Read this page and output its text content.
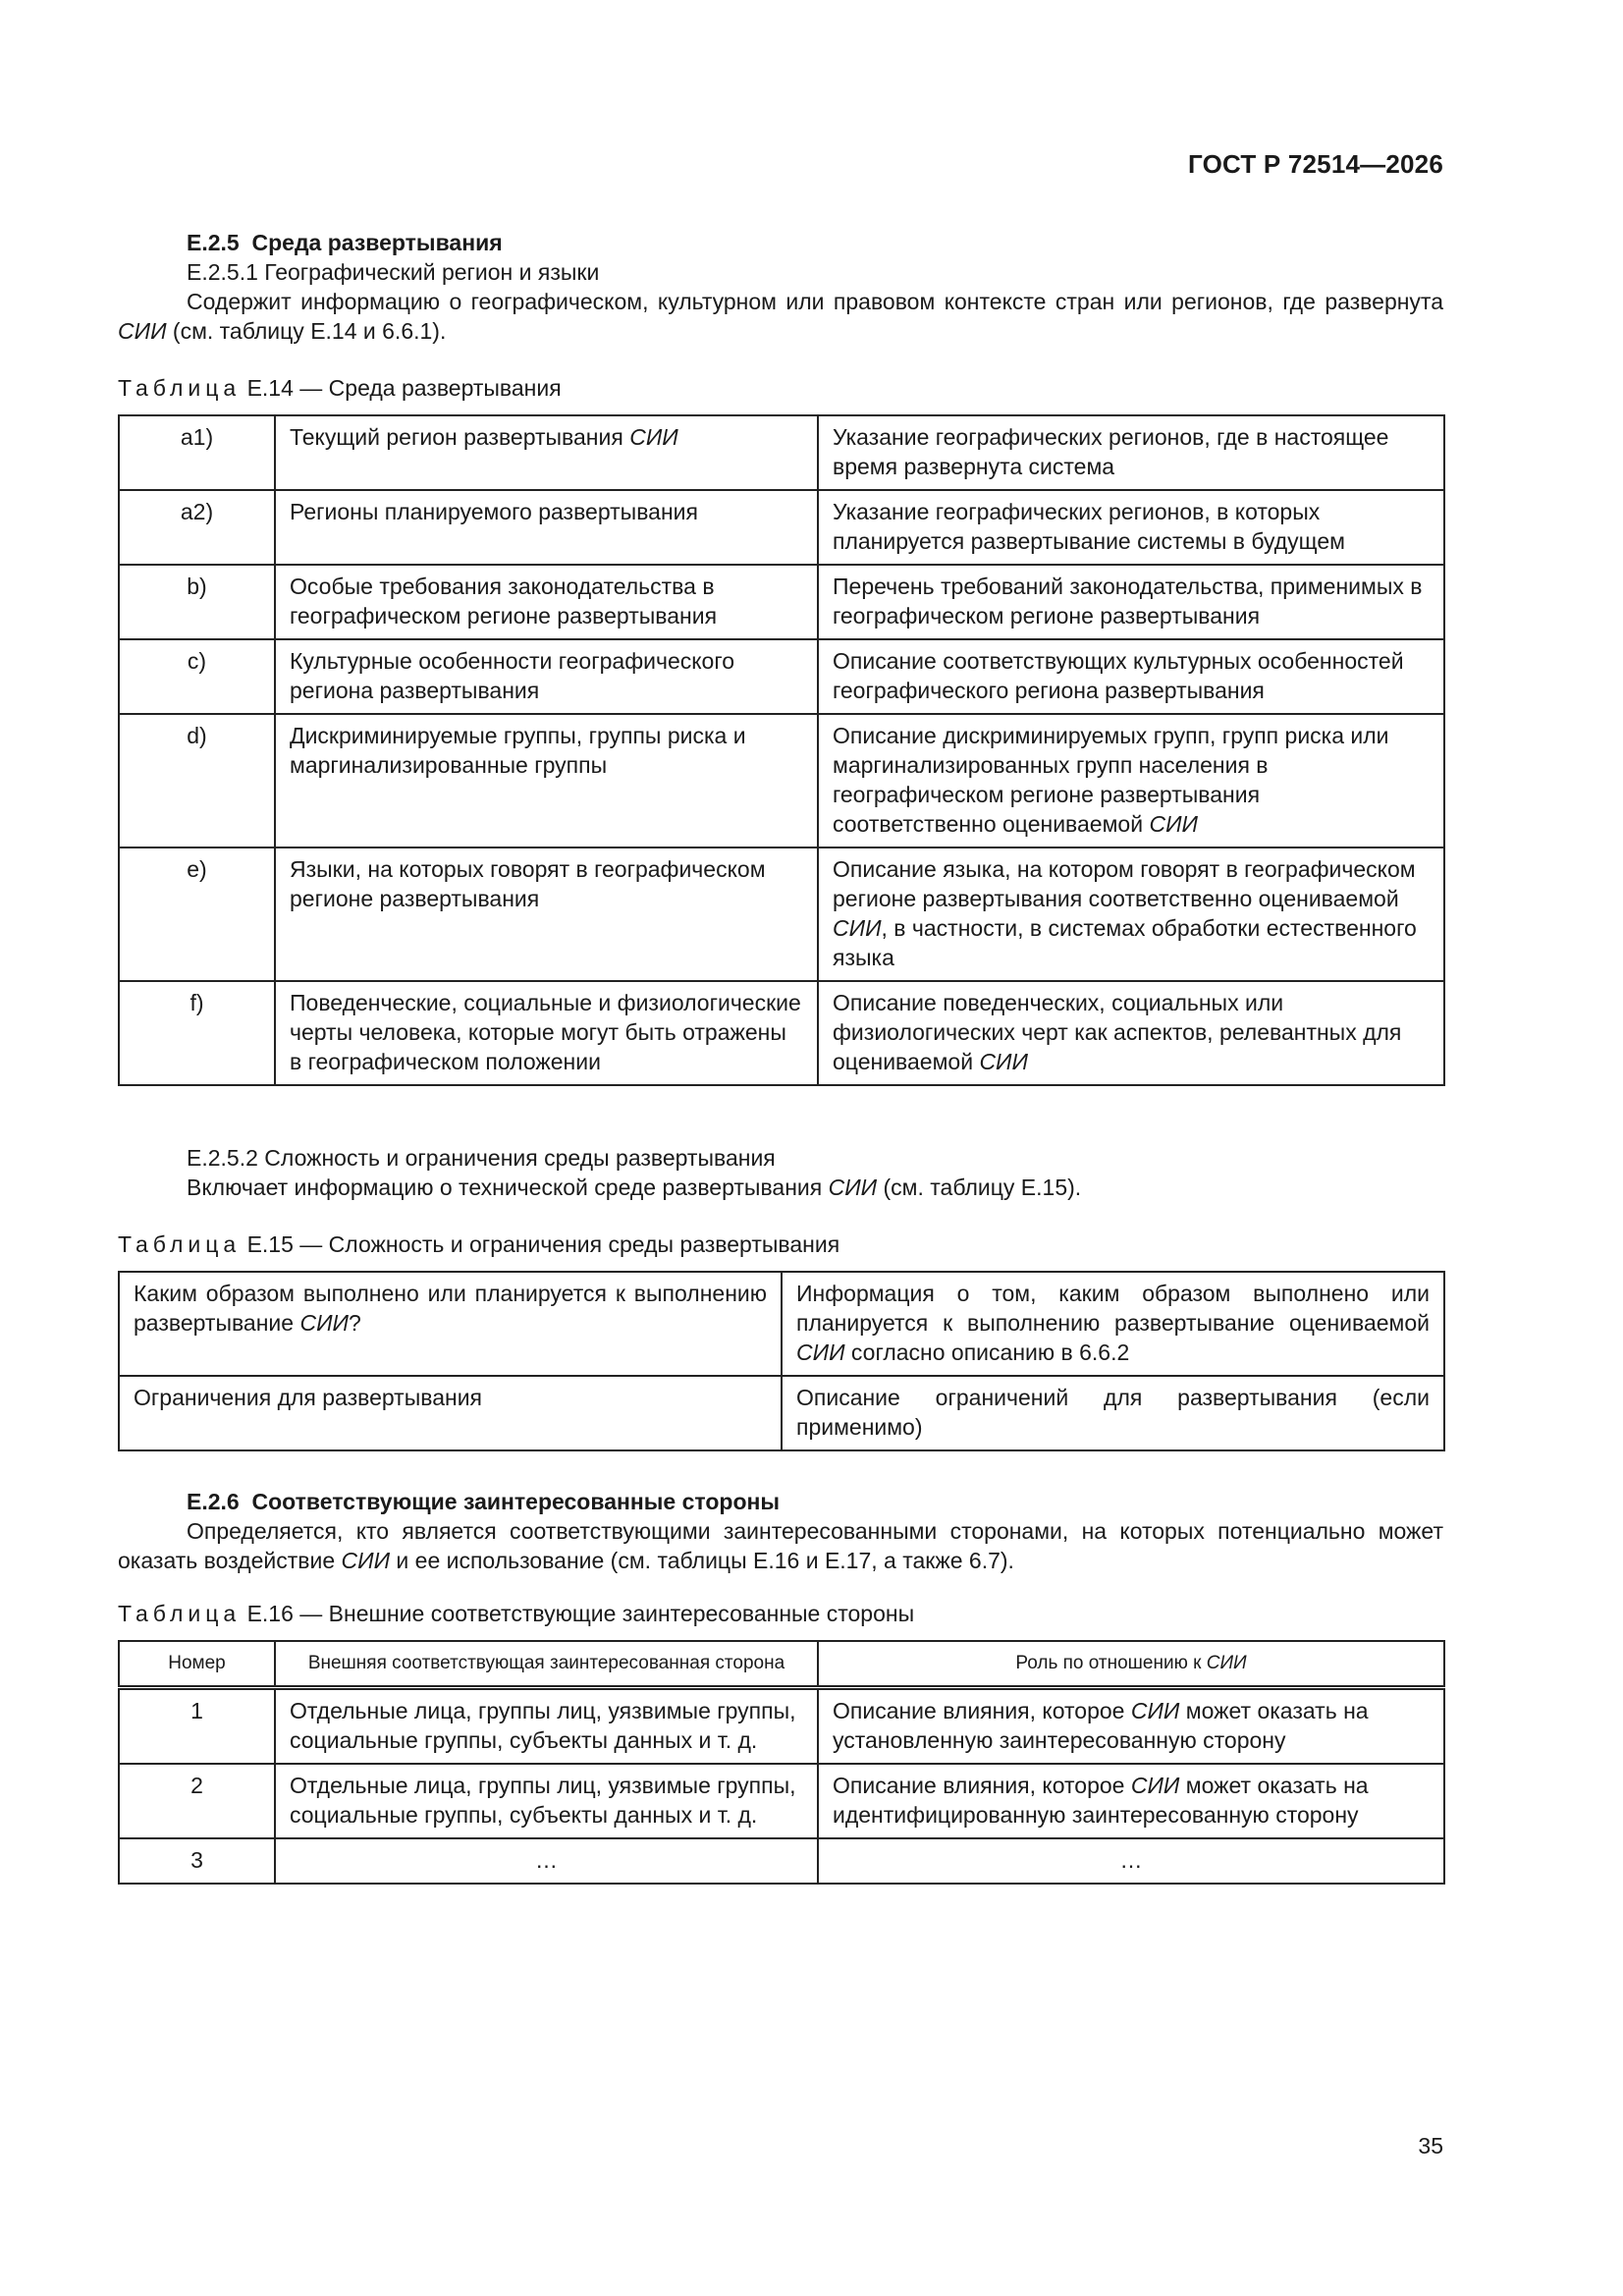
ГОСТ Р 72514—2026
Е.2.5 Среда развертывания
Е.2.5.1 Географический регион и языки

Содержит информацию о географическом, культурном или правовом контексте стран или регионов, где развернута СИИ (см. таблицу Е.14 и 6.6.1).

Таблица Е.14 — Среда развертывания
a1)	Текущий регион развертывания СИИ	Указание географических регионов, где в настоящее время развернута система
a2)	Регионы планируемого развертывания	Указание географических регионов, в которых планируется развертывание системы в будущем
b)	Особые требования законодательства в географическом регионе развертывания	Перечень требований законодательства, применимых в географическом регионе развертывания
c)	Культурные особенности географического региона развертывания	Описание соответствующих культурных особенностей географического региона развертывания
d)	Дискриминируемые группы, группы риска и маргинализированные группы	Описание дискриминируемых групп, групп риска или маргинализированных групп населения в географическом регионе развертывания соответственно оцениваемой СИИ
e)	Языки, на которых говорят в географическом регионе развертывания	Описание языка, на котором говорят в географическом регионе развертывания соответственно оцениваемой СИИ, в частности, в системах обработки естественного языка
f)	Поведенческие, социальные и физиологические черты человека, которые могут быть отражены в географическом положении	Описание поведенческих, социальных или физиологических черт как аспектов, релевантных для оцениваемой СИИ
Е.2.5.2 Сложность и ограничения среды развертывания

Включает информацию о технической среде развертывания СИИ (см. таблицу Е.15).

Таблица Е.15 — Сложность и ограничения среды развертывания
Каким образом выполнено или планируется к выполнению развертывание СИИ?	Информация о том, каким образом выполнено или планируется к выполнению развертывание оцениваемой СИИ согласно описанию в 6.6.2
Ограничения для развертывания	Описание ограничений для развертывания (если применимо)
Е.2.6 Соответствующие заинтересованные стороны

Определяется, кто является соответствующими заинтересованными сторонами, на которых потенциально может оказать воздействие СИИ и ее использование (см. таблицы Е.16 и Е.17, а также 6.7).

Таблица Е.16 — Внешние соответствующие заинтересованные стороны
Номер	Внешняя соответствующая заинтересованная сторона	Роль по отношению к СИИ
1	Отдельные лица, группы лиц, уязвимые группы, социальные группы, субъекты данных и т. д.	Описание влияния, которое СИИ может оказать на установленную заинтересованную сторону
2	Отдельные лица, группы лиц, уязвимые группы, социальные группы, субъекты данных и т. д.	Описание влияния, которое СИИ может оказать на идентифицированную заинтересованную сторону
3	…	…
35
